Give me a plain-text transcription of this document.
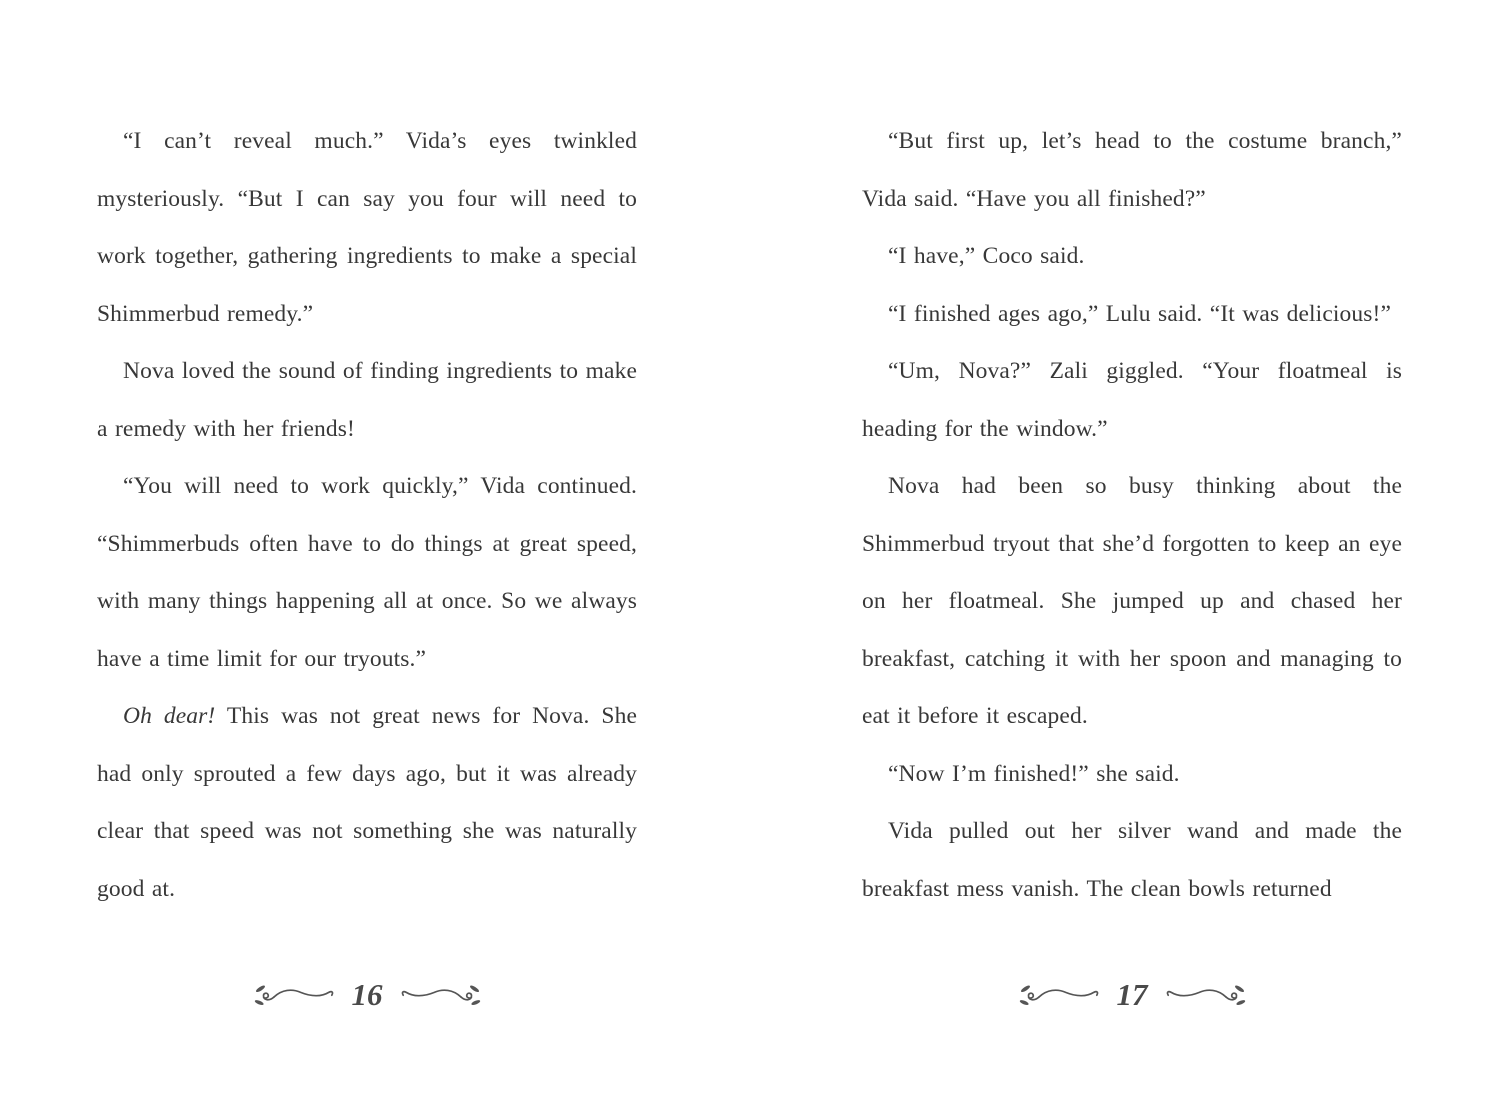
“I can’t reveal much.” Vida’s eyes twinkled mysteriously. “But I can say you four will need to work together, gathering ingredients to make a special Shimmerbud remedy.”

Nova loved the sound of finding ingredients to make a remedy with her friends!

“You will need to work quickly,” Vida continued. “Shimmerbuds often have to do things at great speed, with many things happening all at once. So we always have a time limit for our tryouts.”

Oh dear! This was not great news for Nova. She had only sprouted a few days ago, but it was already clear that speed was not something she was naturally good at.

16

“But first up, let’s head to the costume branch,” Vida said. “Have you all finished?”

“I have,” Coco said.

“I finished ages ago,” Lulu said. “It was delicious!”

“Um, Nova?” Zali giggled. “Your floatmeal is heading for the window.”

Nova had been so busy thinking about the Shimmerbud tryout that she’d forgotten to keep an eye on her floatmeal. She jumped up and chased her breakfast, catching it with her spoon and managing to eat it before it escaped.

“Now I’m finished!” she said.

Vida pulled out her silver wand and made the breakfast mess vanish. The clean bowls returned

17
